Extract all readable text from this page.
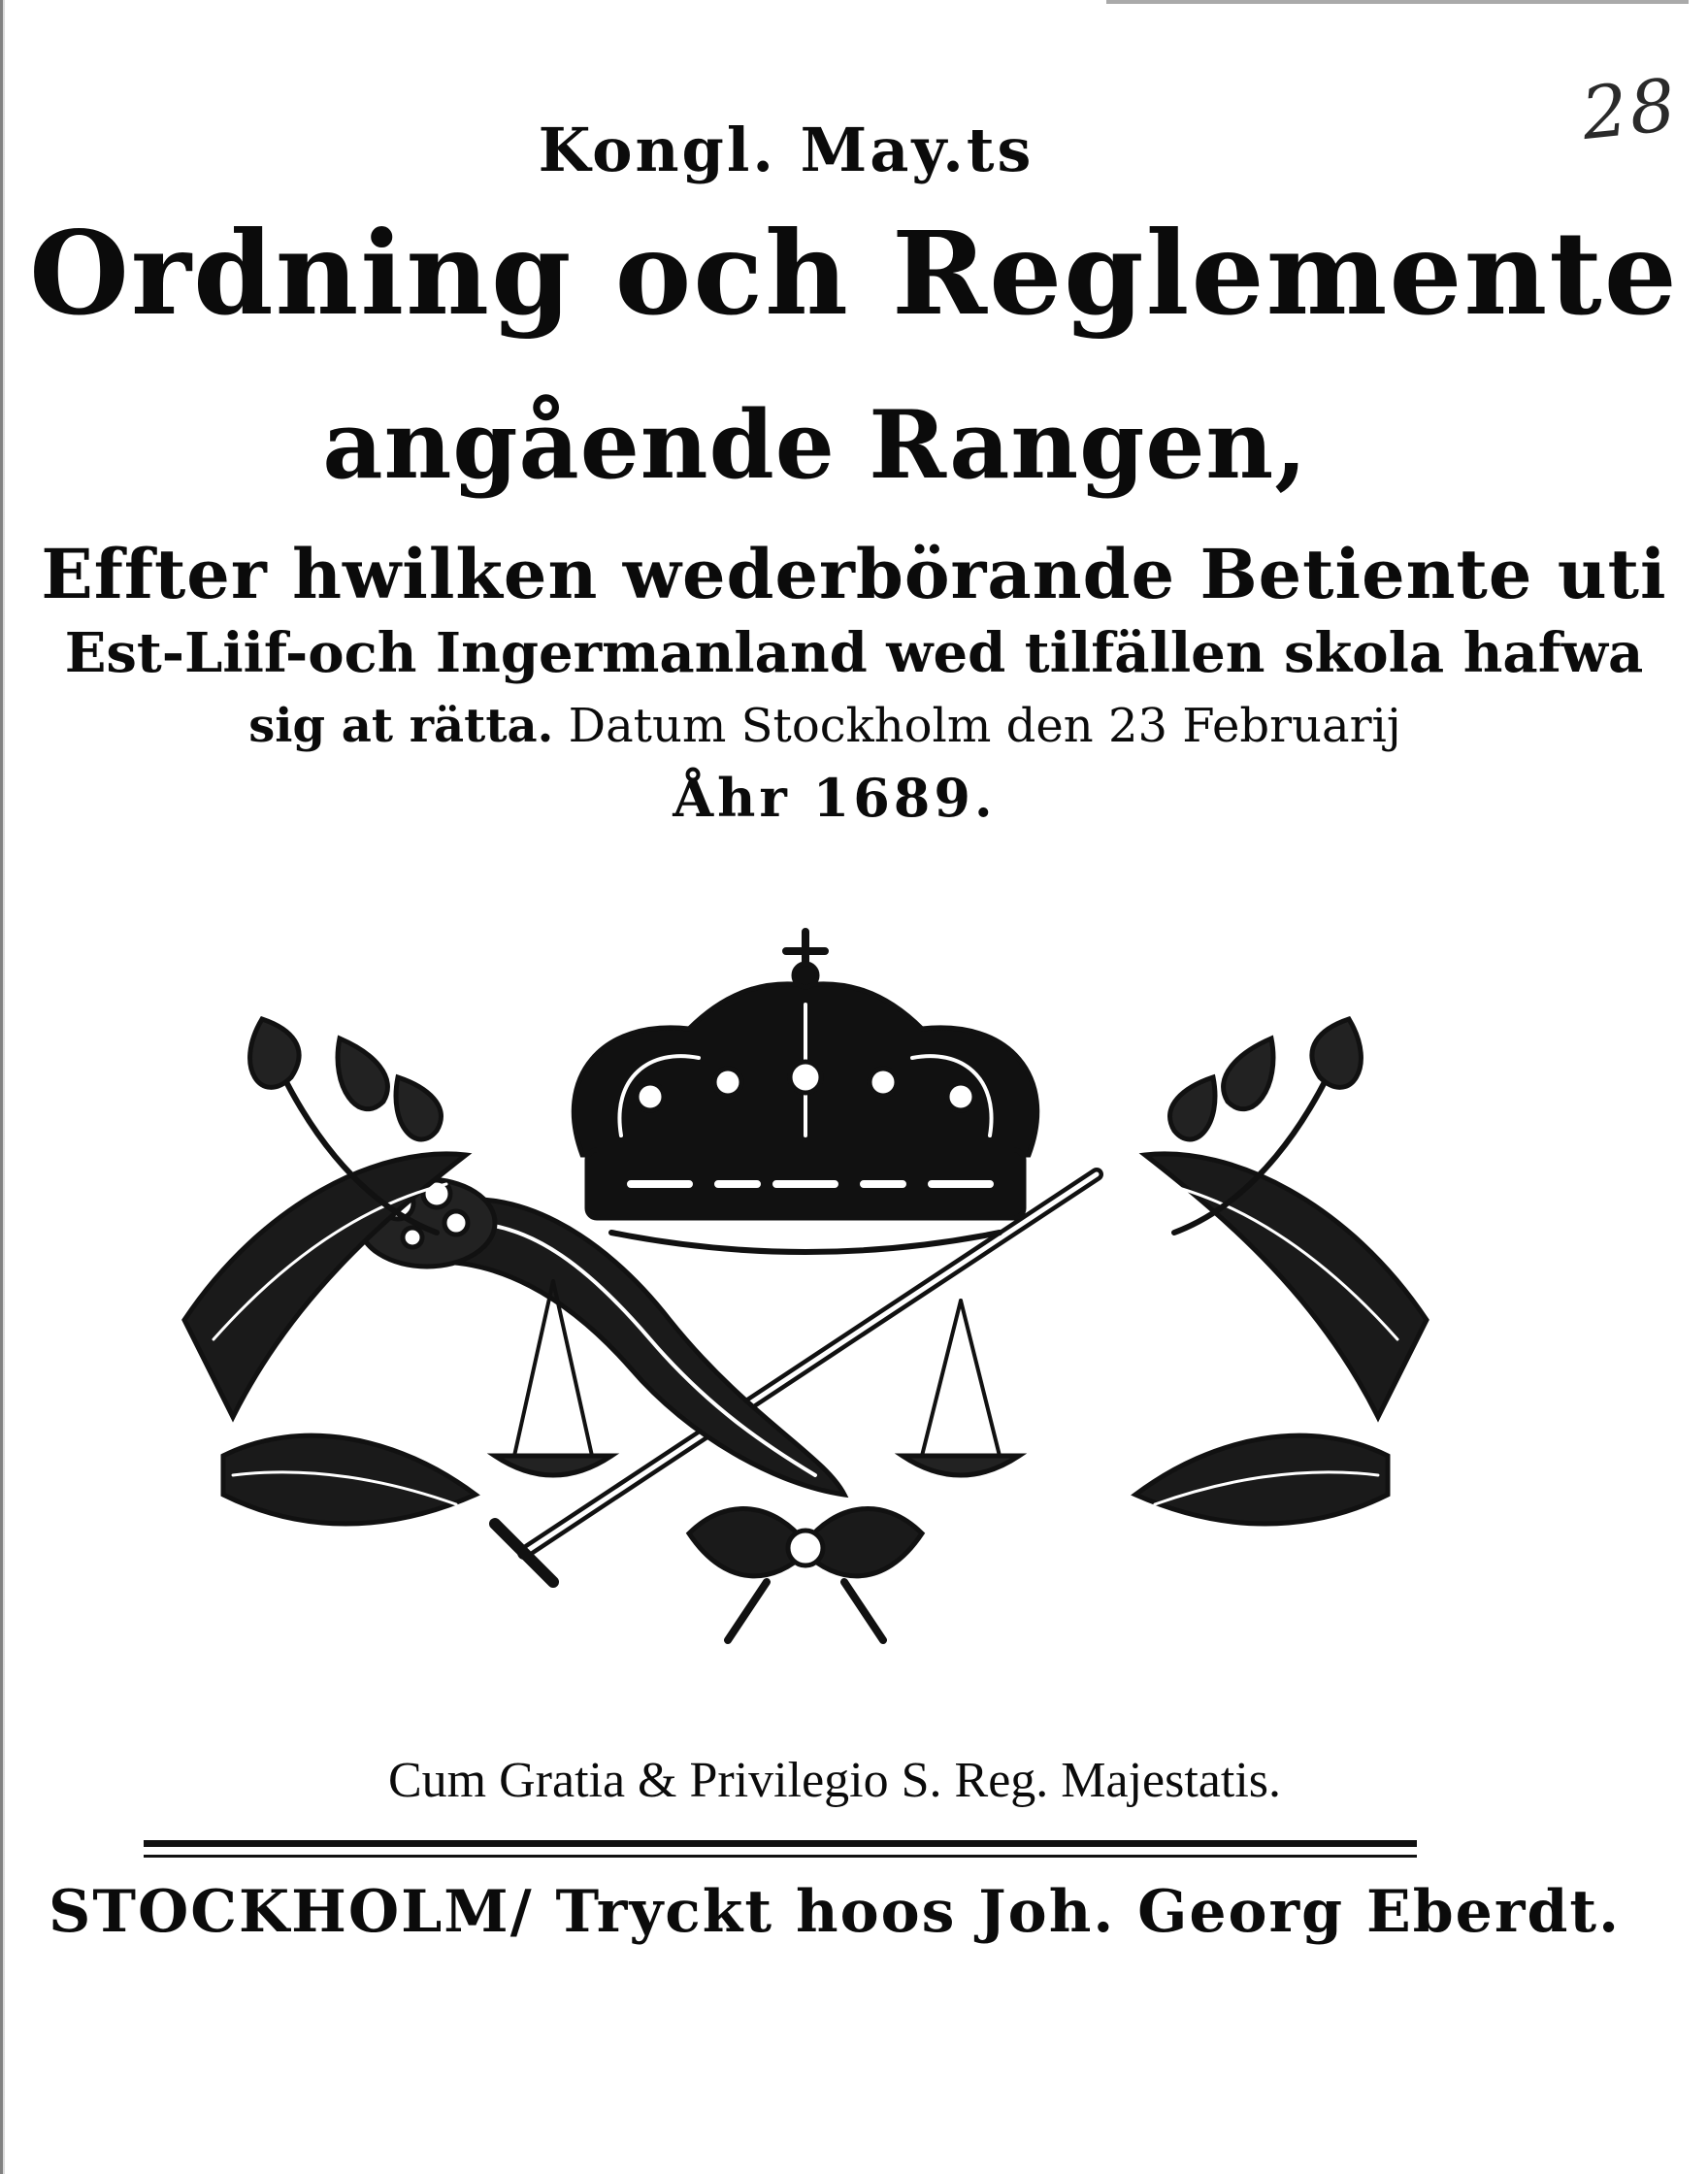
28
Kongl. May.ts
Ordning och Reglemente
angående Rangen,
Effter hwilken wederbörande Betiente uti
Est-Liif-och Ingermanland wed tilfällen skola hafwa
sig at rätta. Datum Stockholm den 23 Februarij
Åhr 1689.
Cum Gratia & Privilegio S. Reg. Majestatis.
STOCKHOLM/ Tryckt hoos Joh. Georg Eberdt.
